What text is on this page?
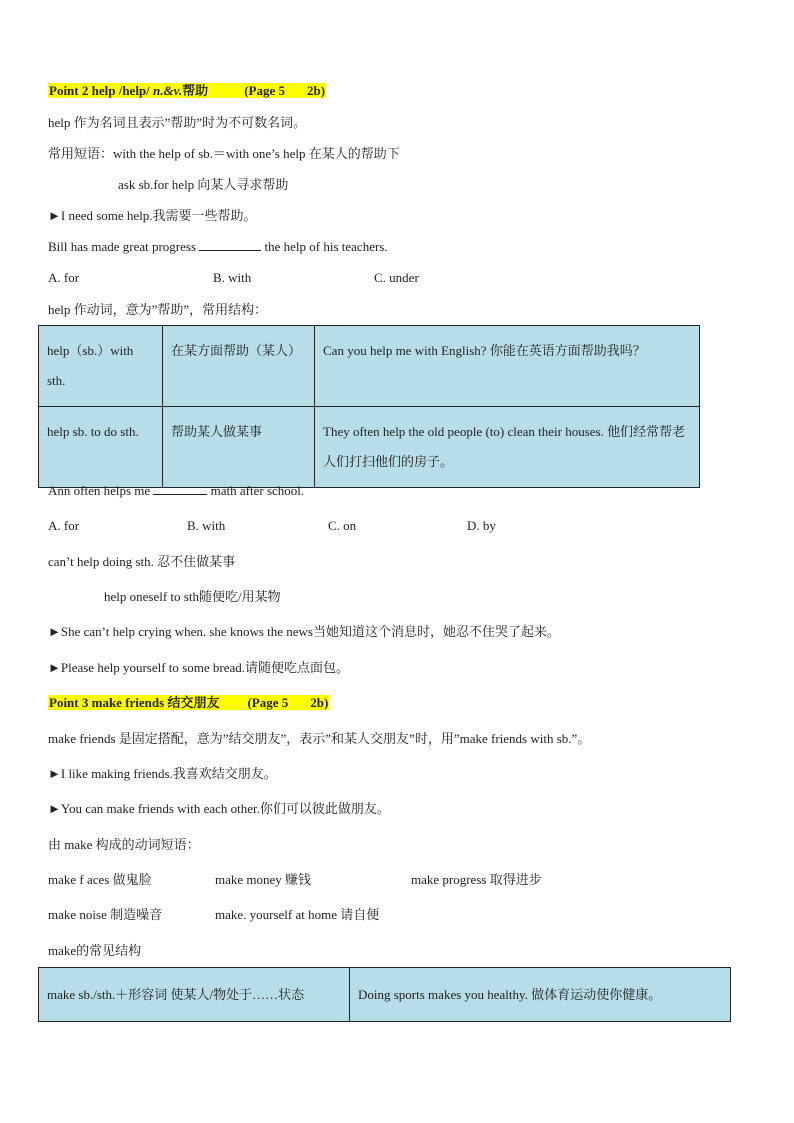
Point 2 help /help/ n.&v.帮助	(Page 5 2b)
help 作为名词且表示”帮助”时为不可数名词。
常用短语：with the help of sb.＝with one’s help 在某人的帮助下
ask sb.for help 向某人寻求帮助
►I need some help.我需要一些帮助。
Bill has made great progress	the help of his teachers.
A. for	B. with	C. under
help 作动词，意为”帮助”，常用结构：
help（sb.）with sth.	在某方面帮助（某人）	Can you help me with English? 你能在英语方面帮助我吗？
help sb. to do sth.	帮助某人做某事	They often help the old people (to) clean their houses. 他们经常帮老人们打扫他们的房子。
Ann often helps me	math after school.
A. for	B. with	C. on	D. by
can’t help doing sth. 忍不住做某事
help oneself to sth随便吃/用某物
►She can’t help crying when. she knows the news当她知道这个消息时，她忍不住哭了起来。
►Please help yourself to some bread.请随便吃点面包。
Point 3 make friends 结交朋友 (Page 5 2b)
make friends 是固定搭配，意为”结交朋友”，表示”和某人交朋友”时，用”make friends with sb.”。
►I like making friends.我喜欢结交朋友。
►You can make friends with each other.你们可以彼此做朋友。
由 make 构成的动词短语：
make f aces 做鬼脸	make money 赚钱	make progress 取得进步
make noise 制造噪音	make. yourself at home 请自便
make的常见结构
make sb./sth.＋形容词 使某人/物处于……状态	Doing sports makes you healthy. 做体育运动使你健康。
